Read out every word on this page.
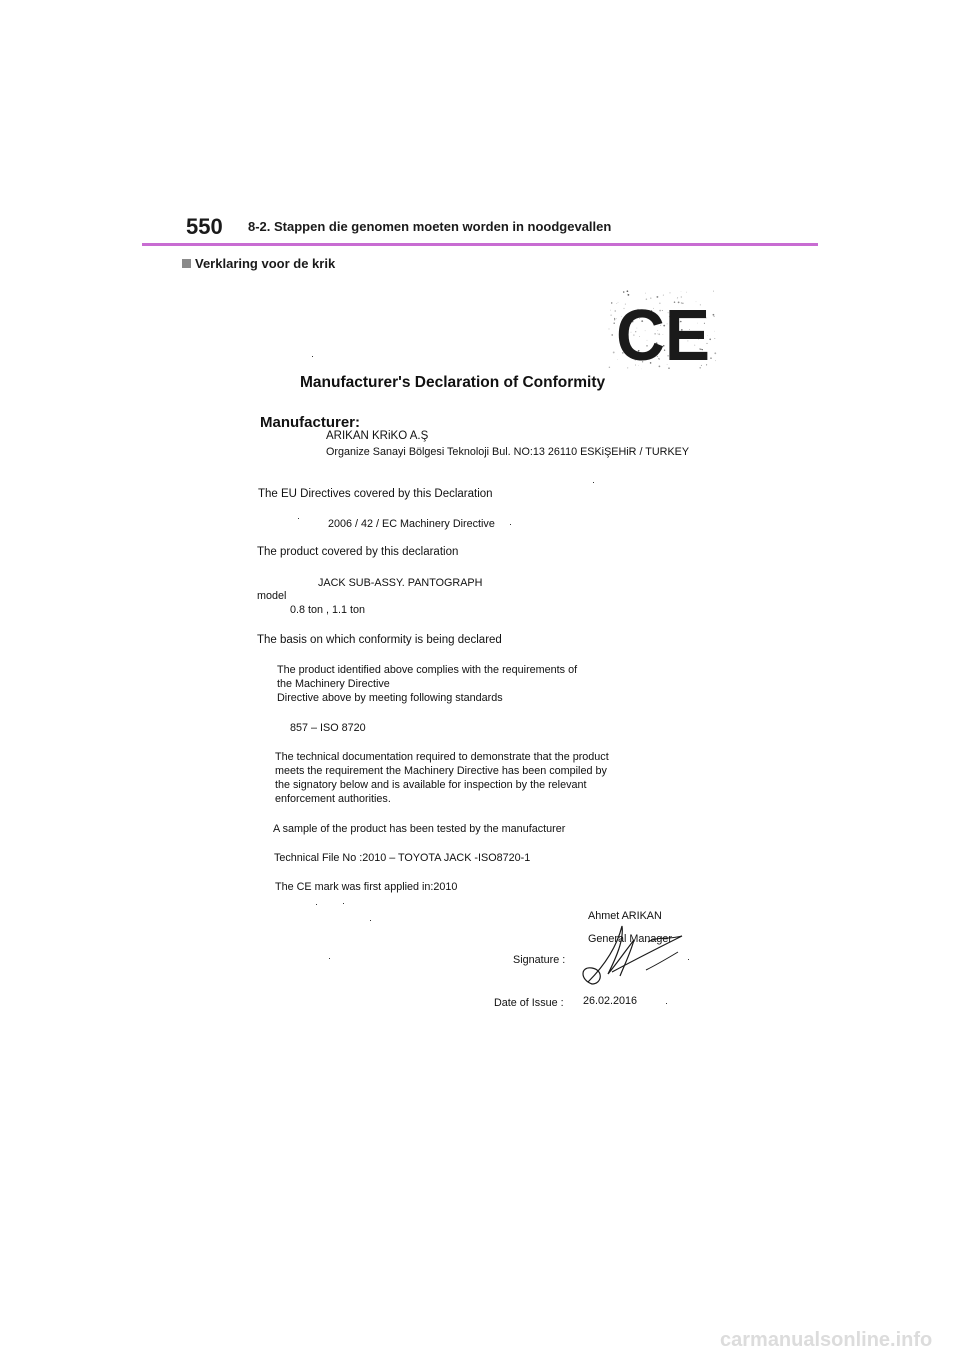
550 8-2. Stappen die genomen moeten worden in noodgevallen
Verklaring voor de krik
CE
Manufacturer's Declaration of Conformity
Manufacturer:
ARIKAN KRiKO A.Ş
Organize Sanayi Bölgesi Teknoloji Bul. NO:13 26110 ESKiŞEHiR / TURKEY
The EU Directives covered by this Declaration
2006 / 42 / EC Machinery Directive
The product covered by this declaration
JACK SUB-ASSY. PANTOGRAPH
model
0.8 ton , 1.1 ton
The basis on which conformity is being declared
The product identified above complies with the requirements of
the Machinery Directive
Directive above by meeting following standards
857 – ISO 8720
The technical documentation required to demonstrate that the product
meets the requirement the Machinery Directive has been compiled by
the signatory below and is available for inspection by the relevant
enforcement authorities.
A sample of the product has been tested by the manufacturer
Technical File No :2010 – TOYOTA JACK -ISO8720-1
The CE mark was first applied in:2010
Ahmet ARIKAN
General Manager
Signature :
Date of Issue : 26.02.2016
carmanualsonline.info
